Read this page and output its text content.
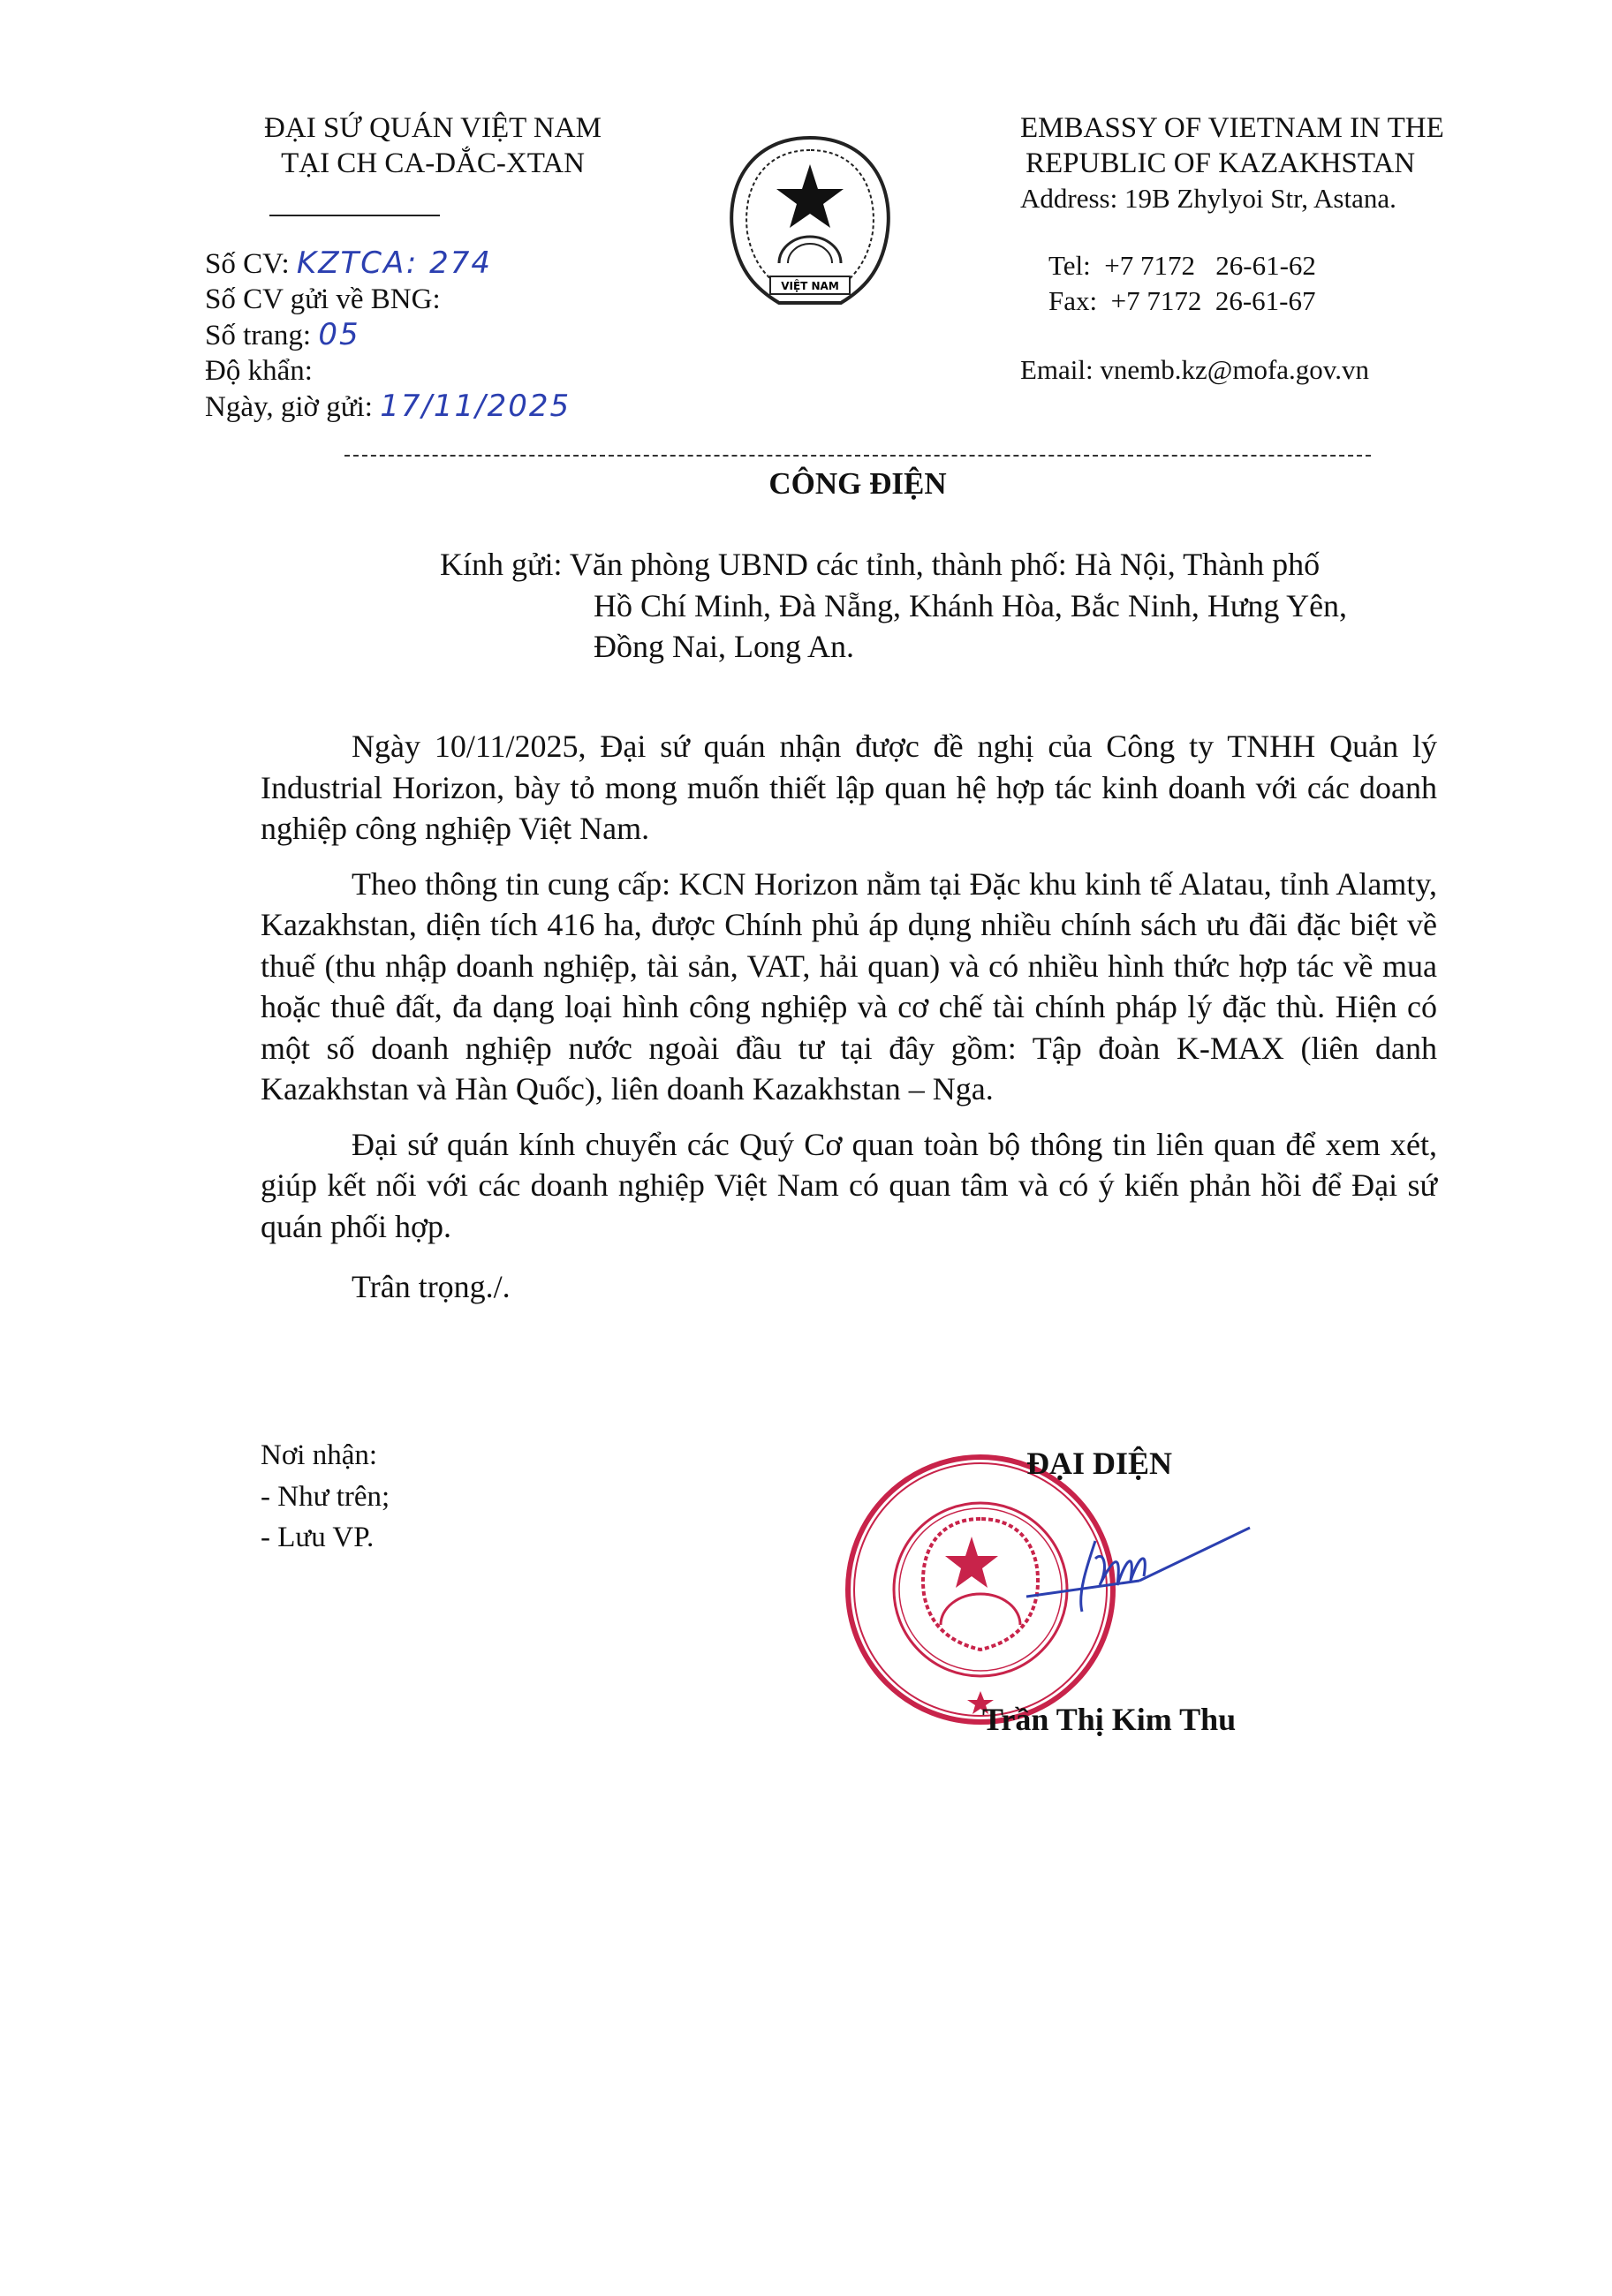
ĐẠI SỨ QUÁN VIỆT NAM
TẠI CH CA-DẮC-XTAN
Số CV: KZTCA: 274
Số CV gửi về BNG:
Số trang: 05
Độ khẩn:
Ngày, giờ gửi: 17/11/2025
VIỆT NAM
EMBASSY OF VIETNAM IN THE
REPUBLIC OF KAZAKHSTAN
Address: 19B Zhylyoi Str, Astana.
Tel:  +7 7172   26-61-62
Fax:  +7 7172  26-61-67
Email: vnemb.kz@mofa.gov.vn
CÔNG ĐIỆN
Kính gửi: Văn phòng UBND các tỉnh, thành phố: Hà Nội, Thành phố
Hồ Chí Minh, Đà Nẵng, Khánh Hòa, Bắc Ninh, Hưng Yên,
Đồng Nai, Long An.

Ngày 10/11/2025, Đại sứ quán nhận được đề nghị của Công ty TNHH Quản lý Industrial Horizon, bày tỏ mong muốn thiết lập quan hệ hợp tác kinh doanh với các doanh nghiệp công nghiệp Việt Nam.

Theo thông tin cung cấp: KCN Horizon nằm tại Đặc khu kinh tế Alatau, tỉnh Alamty, Kazakhstan, diện tích 416 ha, được Chính phủ áp dụng nhiều chính sách ưu đãi đặc biệt về thuế (thu nhập doanh nghiệp, tài sản, VAT, hải quan) và có nhiều hình thức hợp tác về mua hoặc thuê đất, đa dạng loại hình công nghiệp và cơ chế tài chính pháp lý đặc thù. Hiện có một số doanh nghiệp nước ngoài đầu tư tại đây gồm: Tập đoàn K-MAX (liên danh Kazakhstan và Hàn Quốc), liên doanh Kazakhstan – Nga.

Đại sứ quán kính chuyển các Quý Cơ quan toàn bộ thông tin liên quan để xem xét, giúp kết nối với các doanh nghiệp Việt Nam có quan tâm và có ý kiến phản hồi để Đại sứ quán phối hợp.

Trân trọng./.

Nơi nhận:
- Như trên;
- Lưu VP.
ĐẠI DIỆN
Trần Thị Kim Thu
